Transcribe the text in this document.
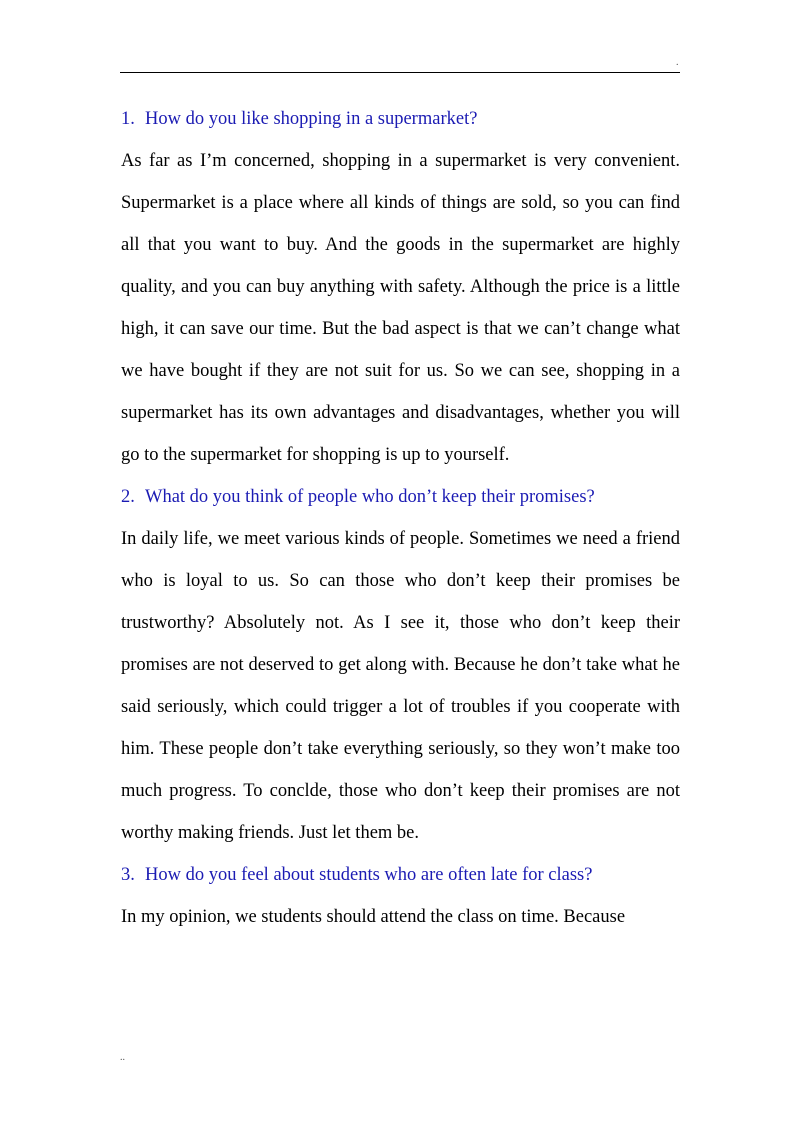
.

1. How do you like shopping in a supermarket?

As far as I’m concerned, shopping in a supermarket is very convenient. Supermarket is a place where all kinds of things are sold, so you can find all that you want to buy. And the goods in the supermarket are highly quality, and you can buy anything with safety. Although the price is a little high, it can save our time. But the bad aspect is that we can’t change what we have bought if they are not suit for us. So we can see, shopping in a supermarket has its own advantages and disadvantages, whether you will go to the supermarket for shopping is up to yourself.

2. What do you think of people who don’t keep their promises?

In daily life, we meet various kinds of people. Sometimes we need a friend who is loyal to us. So can those who don’t keep their promises be trustworthy? Absolutely not. As I see it, those who don’t keep their promises are not deserved to get along with. Because he don’t take what he said seriously, which could trigger a lot of troubles if you cooperate with him. These people don’t take everything seriously, so they won’t make too much progress. To conclde, those who don’t keep their promises are not worthy making friends. Just let them be.

3. How do you feel about students who are often late for class?

In my opinion, we students should attend the class on time. Because

..
